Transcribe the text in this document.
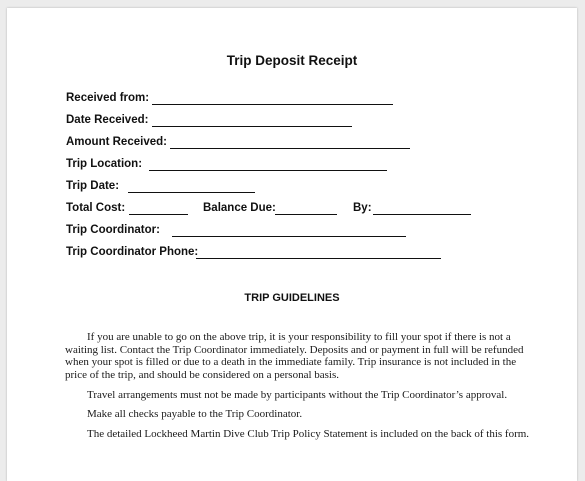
Trip Deposit Receipt
Received from:
Date Received:
Amount Received:
Trip Location:
Trip Date:
Total Cost:	Balance Due:	By:
Trip Coordinator:
Trip Coordinator Phone:
TRIP GUIDELINES
If you are unable to go on the above trip, it is your responsibility to fill your spot if there is not a
waiting list. Contact the Trip Coordinator immediately. Deposits and or payment in full will be refunded
when your spot is filled or due to a death in the immediate family. Trip insurance is not included in the
price of the trip, and should be considered on a personal basis.

Travel arrangements must not be made by participants without the Trip Coordinator’s approval.

Make all checks payable to the Trip Coordinator.

The detailed Lockheed Martin Dive Club Trip Policy Statement is included on the back of this form.
